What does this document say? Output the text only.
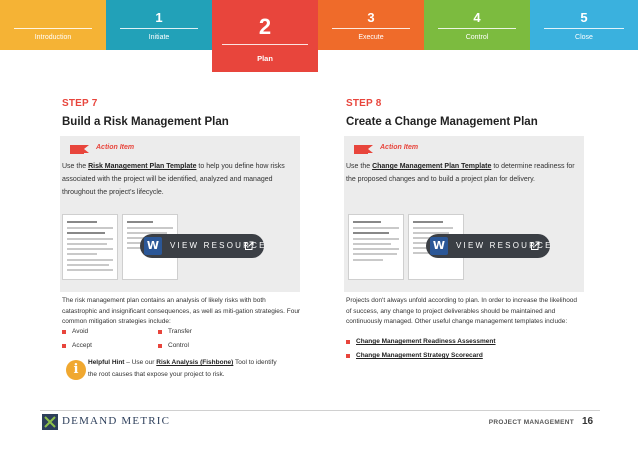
Introduction
1
Initiate	2
Plan
3
Execute
4
Control
5
Close
STEP 7
Build a Risk Management Plan
Action Item
Use the Risk Management Plan Template to help you define how risks associated with the project will be identified, analyzed and managed throughout the project's lifecycle.
W	VIEW RESOURCE
The risk management plan contains an analysis of likely risks with both catastrophic and insignificant consequences, as well as miti-gation strategies. Four common mitigation strategies include:
Avoid	Transfer
Accept	Control
i	Helpful Hint – Use our Risk Analysis (Fishbone) Tool to identify the root causes that expose your project to risk.
STEP 8
Create a Change Management Plan
Action Item
Use the Change Management Plan Template to determine readiness for the proposed changes and to build a project plan for delivery.
W	VIEW RESOURCE
Projects don't always unfold according to plan. In order to increase the likelihood of success, any change to project deliverables should be maintained and continuously managed. Other useful change management templates include:
Change Management Readiness Assessment
Change Management Strategy Scorecard
DEMAND METRIC	PROJECT MANAGEMENT 16
